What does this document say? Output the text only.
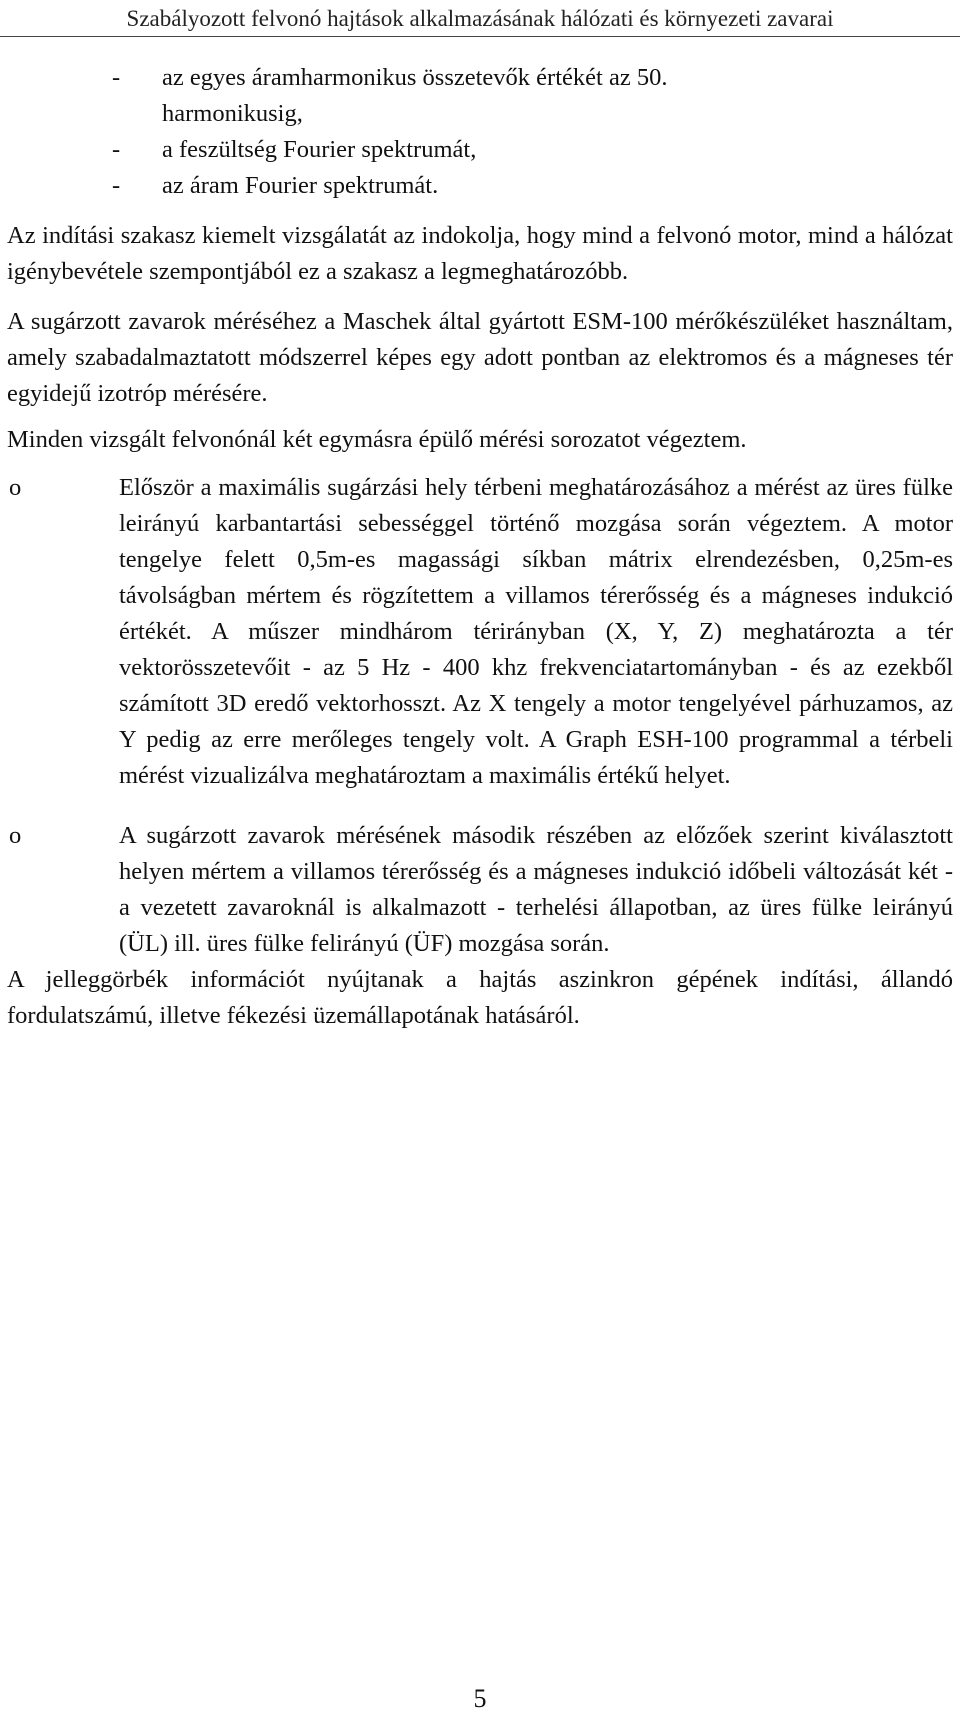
Szabályozott felvonó hajtások alkalmazásának hálózati és környezeti zavarai
- az egyes áramharmonikus összetevők értékét az 50. harmonikusig,
- a feszültség Fourier spektrumát,
- az áram Fourier spektrumát.

Az indítási szakasz kiemelt vizsgálatát az indokolja, hogy mind a felvonó motor, mind a hálózat igénybevétele szempontjából ez a szakasz a legmeghatározóbb.

A sugárzott zavarok méréséhez a Maschek által gyártott ESM-100 mérőkészüléket használtam, amely szabadalmaztatott módszerrel képes egy adott pontban az elektromos és a mágneses tér egyidejű izotróp mérésére.

Minden vizsgált felvonónál két egymásra épülő mérési sorozatot végeztem.

o	Először a maximális sugárzási hely térbeni meghatározásához a mérést az üres fülke leirányú karbantartási sebességgel történő mozgása során végeztem. A motor tengelye felett 0,5m-es magassági síkban mátrix elrendezésben, 0,25m-es távolságban mértem és rögzítettem a villamos térerősség és a mágneses indukció értékét. A műszer mindhárom térirányban (X, Y, Z) meghatározta a tér vektorösszetevőit - az 5 Hz - 400 khz frekvenciatartományban - és az ezekből számított 3D eredő vektorhosszt. Az X tengely a motor tengelyével párhuzamos, az Y pedig az erre merőleges tengely volt. A Graph ESH-100 programmal a térbeli mérést vizualizálva meghatároztam a maximális értékű helyet.
o	A sugárzott zavarok mérésének második részében az előzőek szerint kiválasztott helyen mértem a villamos térerősség és a mágneses indukció időbeli változását két - a vezetett zavaroknál is alkalmazott - terhelési állapotban, az üres fülke leirányú (ÜL) ill. üres fülke felirányú (ÜF) mozgása során.

A jelleggörbék információt nyújtanak a hajtás aszinkron gépének indítási, állandó fordulatszámú, illetve fékezési üzemállapotának hatásáról.

5
